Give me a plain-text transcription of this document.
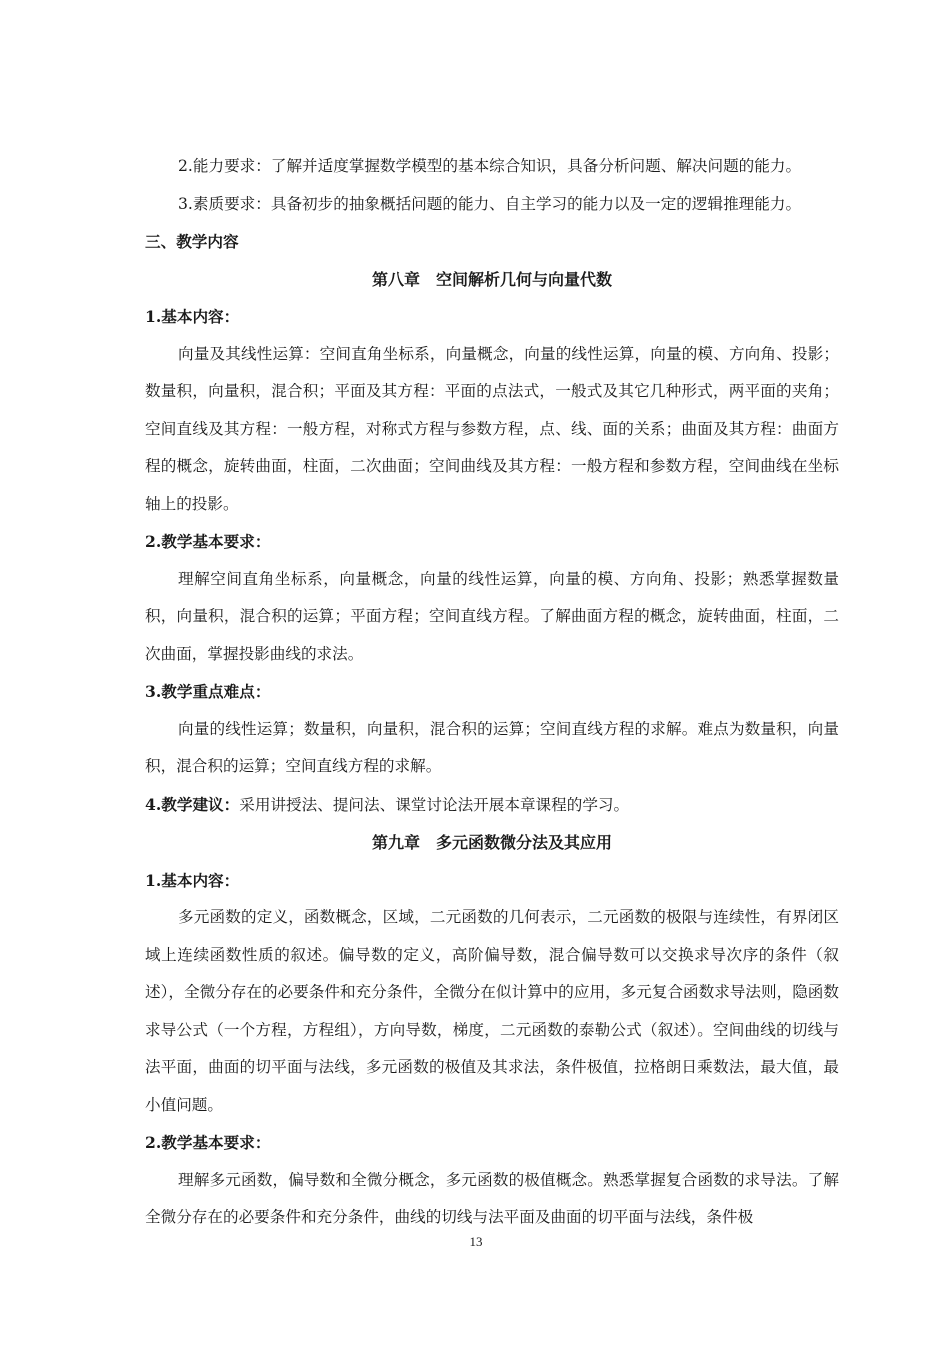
2.能力要求：了解并适度掌握数学模型的基本综合知识，具备分析问题、解决问题的能力。

3.素质要求：具备初步的抽象概括问题的能力、自主学习的能力以及一定的逻辑推理能力。

三、教学内容

第八章　空间解析几何与向量代数

1.基本内容：

向量及其线性运算：空间直角坐标系，向量概念，向量的线性运算，向量的模、方向角、投影；数量积，向量积，混合积；平面及其方程：平面的点法式，一般式及其它几种形式，两平面的夹角；空间直线及其方程：一般方程，对称式方程与参数方程，点、线、面的关系；曲面及其方程：曲面方程的概念，旋转曲面，柱面，二次曲面；空间曲线及其方程：一般方程和参数方程，空间曲线在坐标轴上的投影。

2.教学基本要求：

理解空间直角坐标系，向量概念，向量的线性运算，向量的模、方向角、投影；熟悉掌握数量积，向量积，混合积的运算；平面方程；空间直线方程。了解曲面方程的概念，旋转曲面，柱面，二次曲面，掌握投影曲线的求法。

3.教学重点难点：

向量的线性运算；数量积，向量积，混合积的运算；空间直线方程的求解。难点为数量积，向量积，混合积的运算；空间直线方程的求解。

4.教学建议：采用讲授法、提问法、课堂讨论法开展本章课程的学习。

第九章　多元函数微分法及其应用

1.基本内容：

多元函数的定义，函数概念，区域，二元函数的几何表示，二元函数的极限与连续性，有界闭区域上连续函数性质的叙述。偏导数的定义，高阶偏导数，混合偏导数可以交换求导次序的条件（叙述），全微分存在的必要条件和充分条件，全微分在似计算中的应用，多元复合函数求导法则，隐函数求导公式（一个方程，方程组），方向导数，梯度，二元函数的泰勒公式（叙述）。空间曲线的切线与法平面，曲面的切平面与法线，多元函数的极值及其求法，条件极值，拉格朗日乘数法，最大值，最小值问题。

2.教学基本要求：

理解多元函数，偏导数和全微分概念，多元函数的极值概念。熟悉掌握复合函数的求导法。了解全微分存在的必要条件和充分条件，曲线的切线与法平面及曲面的切平面与法线，条件极

13
